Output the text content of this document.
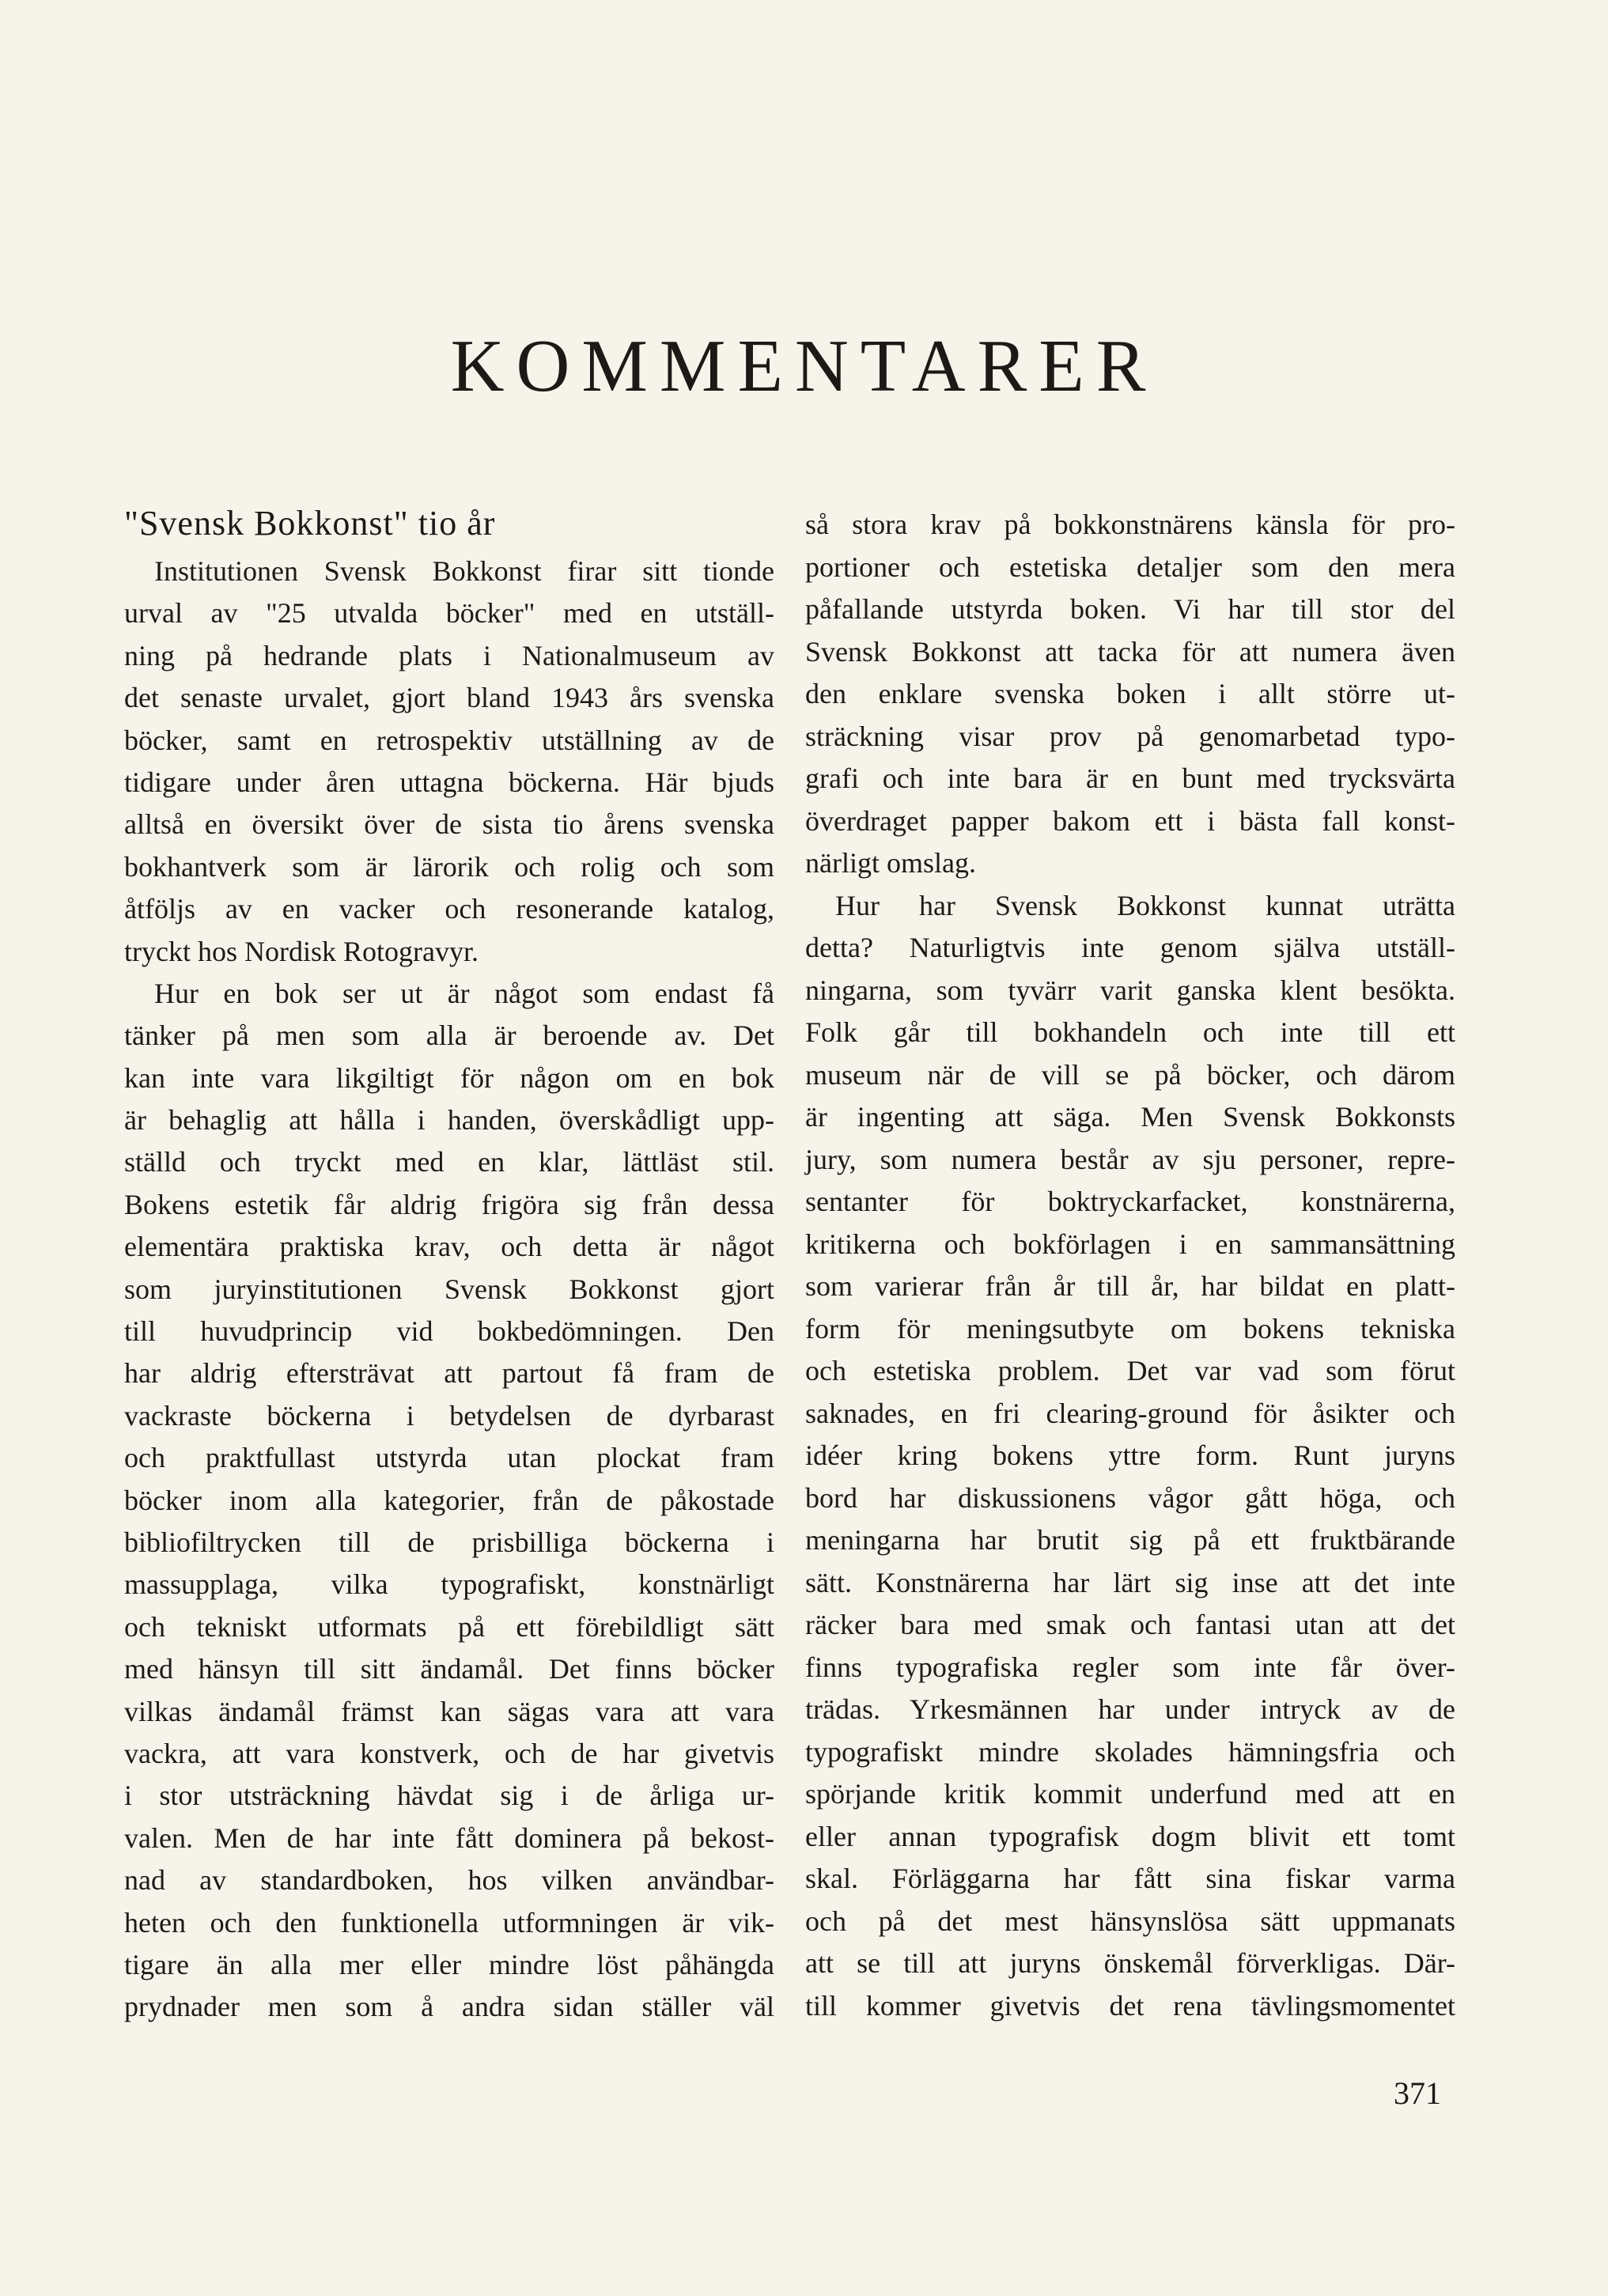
KOMMENTARER
"Svensk Bokkonst" tio år
Institutionen Svensk Bokkonst firar sitt tionde
urval av "25 utvalda böcker" med en utställ-
ning på hedrande plats i Nationalmuseum av
det senaste urvalet, gjort bland 1943 års svenska
böcker, samt en retrospektiv utställning av de
tidigare under åren uttagna böckerna. Här bjuds
alltså en översikt över de sista tio årens svenska
bokhantverk som är lärorik och rolig och som
åtföljs av en vacker och resonerande katalog,
tryckt hos Nordisk Rotogravyr.
Hur en bok ser ut är något som endast få
tänker på men som alla är beroende av. Det
kan inte vara likgiltigt för någon om en bok
är behaglig att hålla i handen, överskådligt upp-
ställd och tryckt med en klar, lättläst stil.
Bokens estetik får aldrig frigöra sig från dessa
elementära praktiska krav, och detta är något
som juryinstitutionen Svensk Bokkonst gjort
till huvudprincip vid bokbedömningen. Den
har aldrig eftersträvat att partout få fram de
vackraste böckerna i betydelsen de dyrbarast
och praktfullast utstyrda utan plockat fram
böcker inom alla kategorier, från de påkostade
bibliofiltrycken till de prisbilliga böckerna i
massupplaga, vilka typografiskt, konstnärligt
och tekniskt utformats på ett förebildligt sätt
med hänsyn till sitt ändamål. Det finns böcker
vilkas ändamål främst kan sägas vara att vara
vackra, att vara konstverk, och de har givetvis
i stor utsträckning hävdat sig i de årliga ur-
valen. Men de har inte fått dominera på bekost-
nad av standardboken, hos vilken användbar-
heten och den funktionella utformningen är vik-
tigare än alla mer eller mindre löst påhängda
prydnader men som å andra sidan ställer väl
så stora krav på bokkonstnärens känsla för pro-
portioner och estetiska detaljer som den mera
påfallande utstyrda boken. Vi har till stor del
Svensk Bokkonst att tacka för att numera även
den enklare svenska boken i allt större ut-
sträckning visar prov på genomarbetad typo-
grafi och inte bara är en bunt med trycksvärta
överdraget papper bakom ett i bästa fall konst-
närligt omslag.
Hur har Svensk Bokkonst kunnat uträtta
detta? Naturligtvis inte genom själva utställ-
ningarna, som tyvärr varit ganska klent besökta.
Folk går till bokhandeln och inte till ett
museum när de vill se på böcker, och därom
är ingenting att säga. Men Svensk Bokkonsts
jury, som numera består av sju personer, repre-
sentanter för boktryckarfacket, konstnärerna,
kritikerna och bokförlagen i en sammansättning
som varierar från år till år, har bildat en platt-
form för meningsutbyte om bokens tekniska
och estetiska problem. Det var vad som förut
saknades, en fri clearing-ground för åsikter och
idéer kring bokens yttre form. Runt juryns
bord har diskussionens vågor gått höga, och
meningarna har brutit sig på ett fruktbärande
sätt. Konstnärerna har lärt sig inse att det inte
räcker bara med smak och fantasi utan att det
finns typografiska regler som inte får över-
trädas. Yrkesmännen har under intryck av de
typografiskt mindre skolades hämningsfria och
spörjande kritik kommit underfund med att en
eller annan typografisk dogm blivit ett tomt
skal. Förläggarna har fått sina fiskar varma
och på det mest hänsynslösa sätt uppmanats
att se till att juryns önskemål förverkligas. Där-
till kommer givetvis det rena tävlingsmomentet
371
